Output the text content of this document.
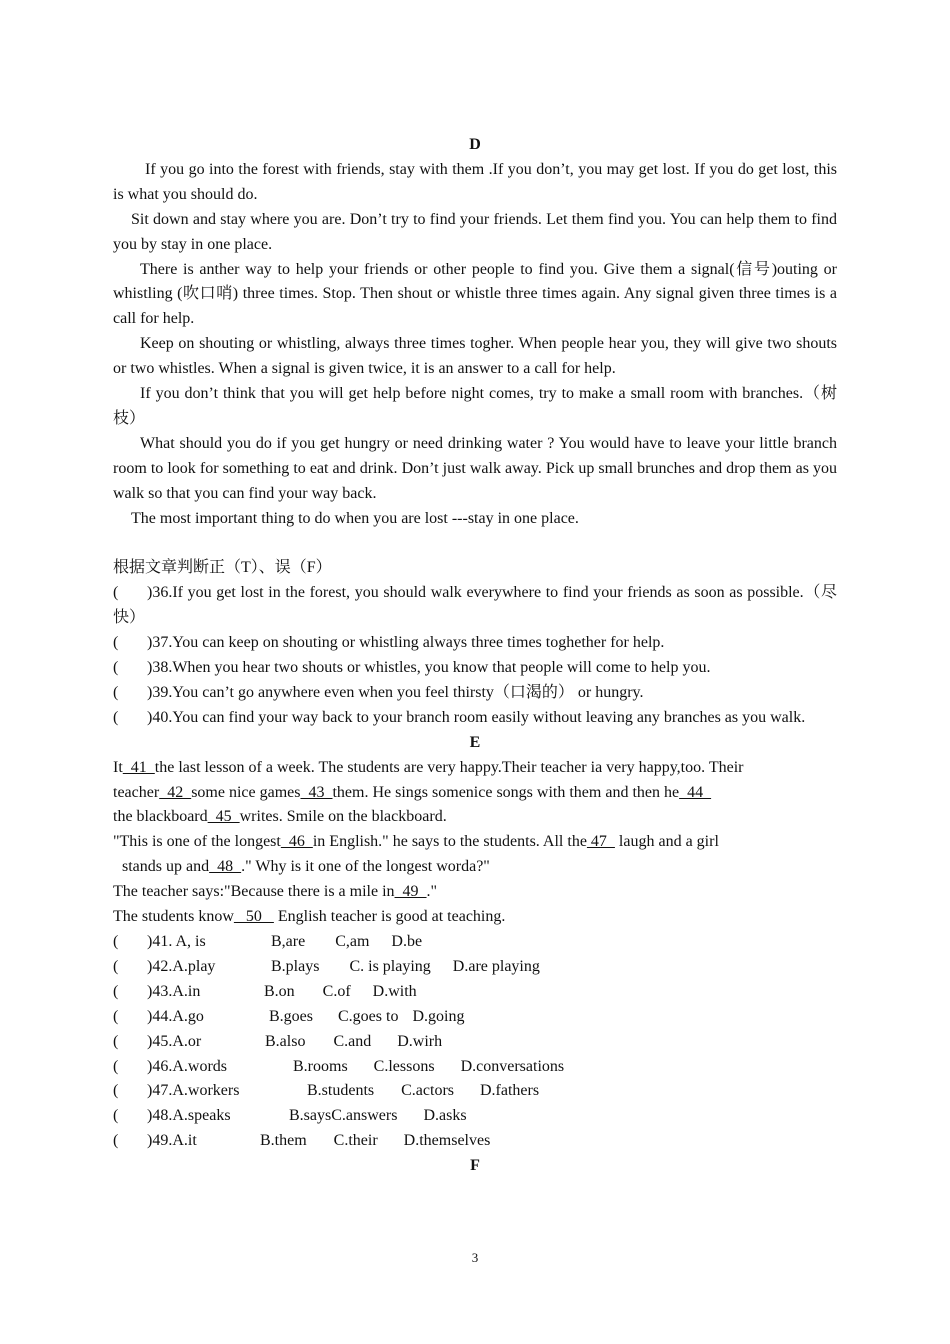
D

If you go into the forest with friends, stay with them .If you don’t, you may get lost. If you do get lost, this is what you should do.

Sit down and stay where you are. Don’t try to find your friends. Let them find you. You can help them to find you by stay in one place.

There is anther way to help your friends or other people to find you. Give them a signal(信号)outing or whistling (吹口哨) three times. Stop. Then shout or whistle three times again. Any signal given three times is a call for help.

Keep on shouting or whistling, always three times togher. When people hear you, they will give two shouts or two whistles. When a signal is given twice, it is an answer to a call for help.

If you don’t think that you will get help before night comes, try to make a small room with branches.（树枝）

What should you do if you get hungry or need drinking water ? You would have to leave your little branch room to look for something to eat and drink. Don’t just walk away. Pick up small brunches and drop them as you walk so that you can find your way back.

The most important thing to do when you are lost ---stay in one place.

根据文章判断正（T）、误（F）

( )36.If you get lost in the forest, you should walk everywhere to find your friends as soon as possible.（尽快）

( )37.You can keep on shouting or whistling always three times toghether for help.

( )38.When you hear two shouts or whistles, you know that people will come to help you.

( )39.You can’t go anywhere even when you feel thirsty（口渴的） or hungry.

( )40.You can find your way back to your branch room easily without leaving any branches as you walk.

E

It  41  the last lesson of a week. The students are very happy.Their teacher ia very happy,too. Their

teacher  42  some nice games  43  them. He sings somenice songs with them and then he  44

the blackboard  45  writes. Smile on the blackboard.

"This is one of the longest  46  in English." he says to the students. All the 47   laugh and a girl

stands up and  48  ." Why is it one of the longest worda?"

The teacher says:"Because there is a mile in  49  ."

The students know   50    English teacher is good at teaching.

( )41. A, is	B,are C,am D.be

( )42.A.play	B.plays C. is playing D.are playing

( )43.A.in	B.on C.of D.with

( )44.A.go	B.goes C.goes to D.going

( )45.A.or	B.also C.and D.wirh

( )46.A.words	B.rooms C.lessons D.conversations

( )47.A.workers	B.students C.actors D.fathers

( )48.A.speaks	B.saysC.answers D.asks

( )49.A.it	B.them C.their D.themselves

F

3
